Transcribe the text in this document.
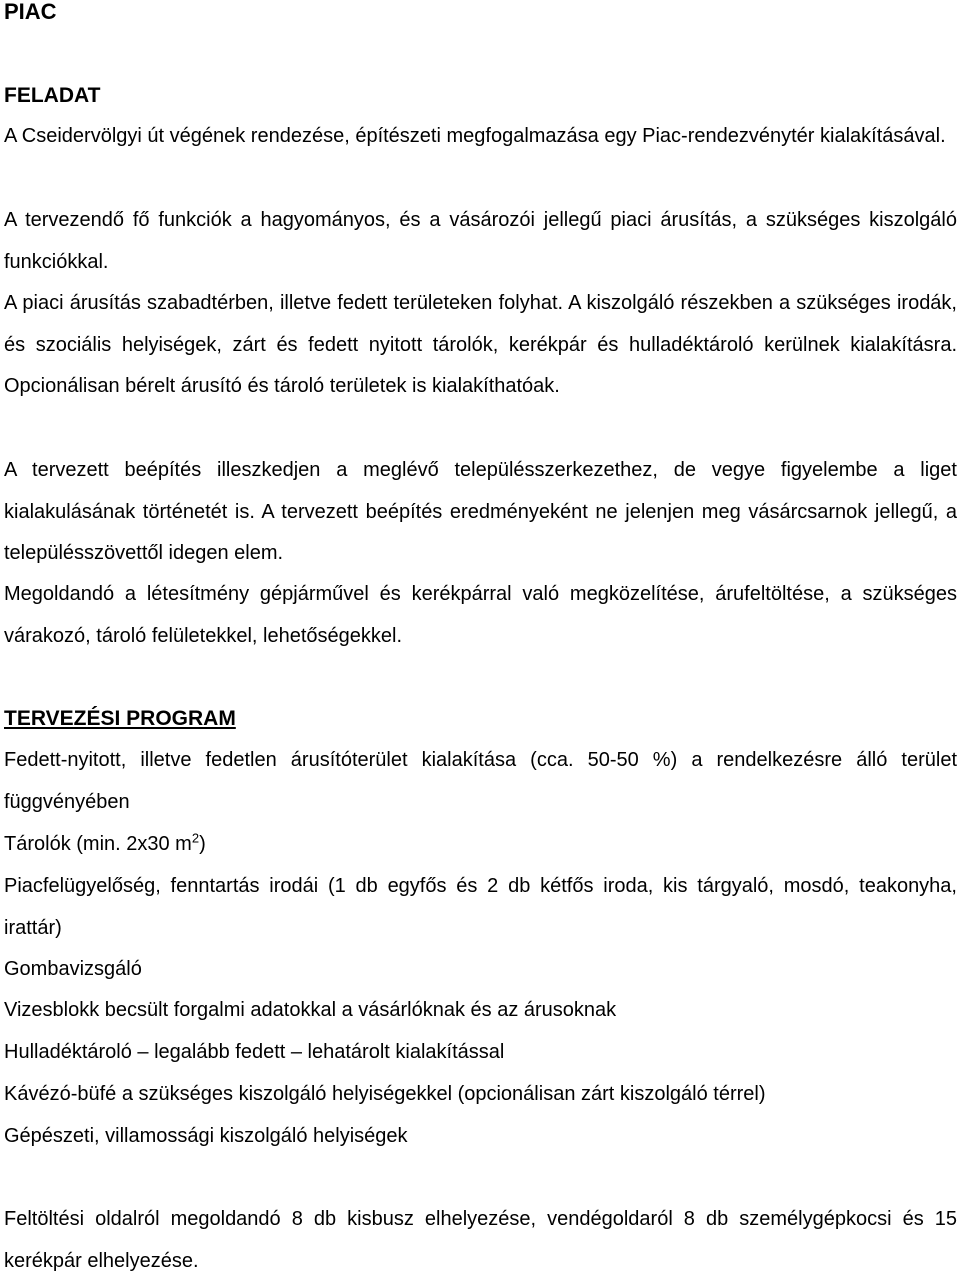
PIAC
FELADAT

A Cseidervölgyi út végének rendezése, építészeti megfogalmazása egy Piac-rendezvénytér kialakításával.

A tervezendő fő funkciók a hagyományos, és a vásározói jellegű piaci árusítás, a szükséges kiszolgáló funkciókkal.

A piaci árusítás szabadtérben, illetve fedett területeken folyhat. A kiszolgáló részekben a szükséges irodák, és szociális helyiségek, zárt és fedett nyitott tárolók, kerékpár és hulladéktároló kerülnek kialakításra. Opcionálisan bérelt árusító és tároló területek is kialakíthatóak.

A tervezett beépítés illeszkedjen a meglévő településszerkezethez, de vegye figyelembe a liget kialakulásának történetét is. A tervezett beépítés eredményeként ne jelenjen meg vásárcsarnok jellegű, a településszövettől idegen elem.

Megoldandó a létesítmény gépjárművel és kerékpárral való megközelítése, árufeltöltése, a szükséges várakozó, tároló felületekkel, lehetőségekkel.

TERVEZÉSI PROGRAM

Fedett-nyitott, illetve fedetlen árusítóterület kialakítása (cca. 50-50 %) a rendelkezésre álló terület függvényében

Tárolók (min. 2x30 $m^2$)

Piacfelügyelőség, fenntartás irodái (1 db egyfős és 2 db kétfős iroda, kis tárgyaló, mosdó, teakonyha, irattár)

Gombavizsgáló

Vizesblokk becsült forgalmi adatokkal a vásárlóknak és az árusoknak

Hulladéktároló – legalább fedett – lehatárolt kialakítással

Kávézó-büfé a szükséges kiszolgáló helyiségekkel (opcionálisan zárt kiszolgáló térrel)

Gépészeti, villamossági kiszolgáló helyiségek

Feltöltési oldalról megoldandó 8 db kisbusz elhelyezése, vendégoldaról 8 db személygépkocsi és 15 kerékpár elhelyezése.
